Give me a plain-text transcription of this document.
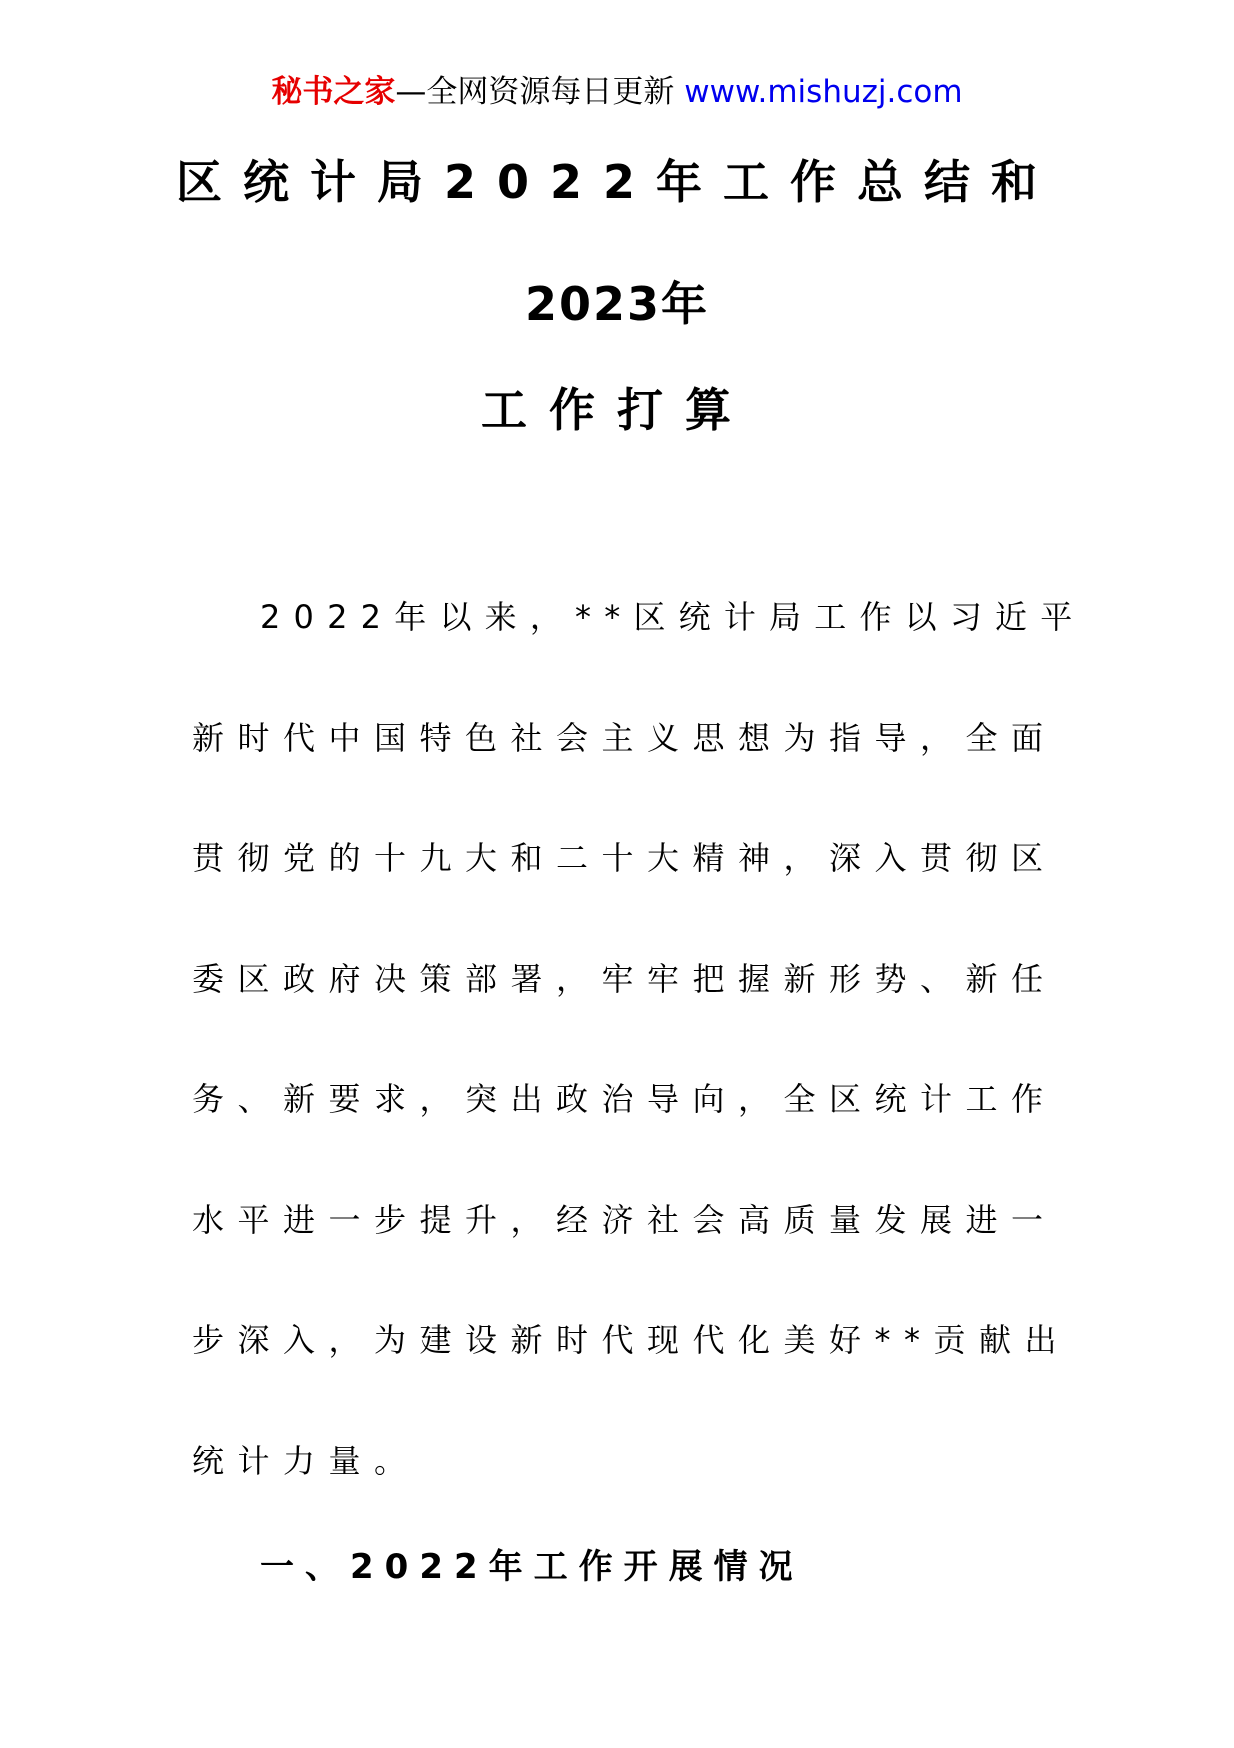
秘书之家—全网资源每日更新 www.mishuzj.com
区统计局2022年工作总结和
2023年
工作打算
2022年以来，**区统计局工作以习近平
新时代中国特色社会主义思想为指导，全面
贯彻党的十九大和二十大精神，深入贯彻区
委区政府决策部署，牢牢把握新形势、新任
务、新要求，突出政治导向，全区统计工作
水平进一步提升，经济社会高质量发展进一
步深入，为建设新时代现代化美好**贡献出
统计力量。
一、2022年工作开展情况
